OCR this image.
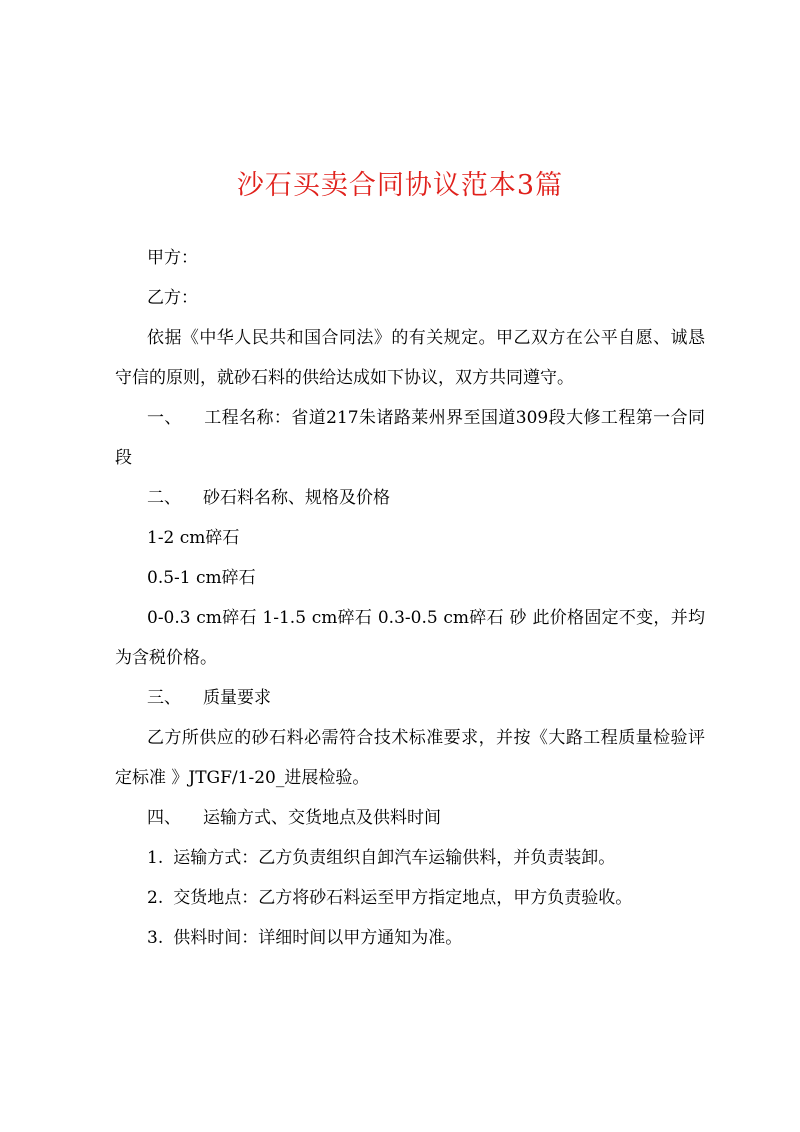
沙石买卖合同协议范本3篇

甲方：

乙方：

依据《中华人民共和国合同法》的有关规定。甲乙双方在公平自愿、诚恳守信的原则，就砂石料的供给达成如下协议，双方共同遵守。

一、 工程名称：省道217朱诸路莱州界至国道309段大修工程第一合同段

二、 砂石料名称、规格及价格

1-2 cm碎石

0.5-1 cm碎石

0-0.3 cm碎石 1-1.5 cm碎石 0.3-0.5 cm碎石 砂 此价格固定不变，并均为含税价格。

三、 质量要求

乙方所供应的砂石料必需符合技术标准要求，并按《大路工程质量检验评定标准 》JTGF/1-20_进展检验。

四、 运输方式、交货地点及供料时间

1. 运输方式：乙方负责组织自卸汽车运输供料，并负责装卸。

2. 交货地点：乙方将砂石料运至甲方指定地点，甲方负责验收。

3. 供料时间：详细时间以甲方通知为准。
